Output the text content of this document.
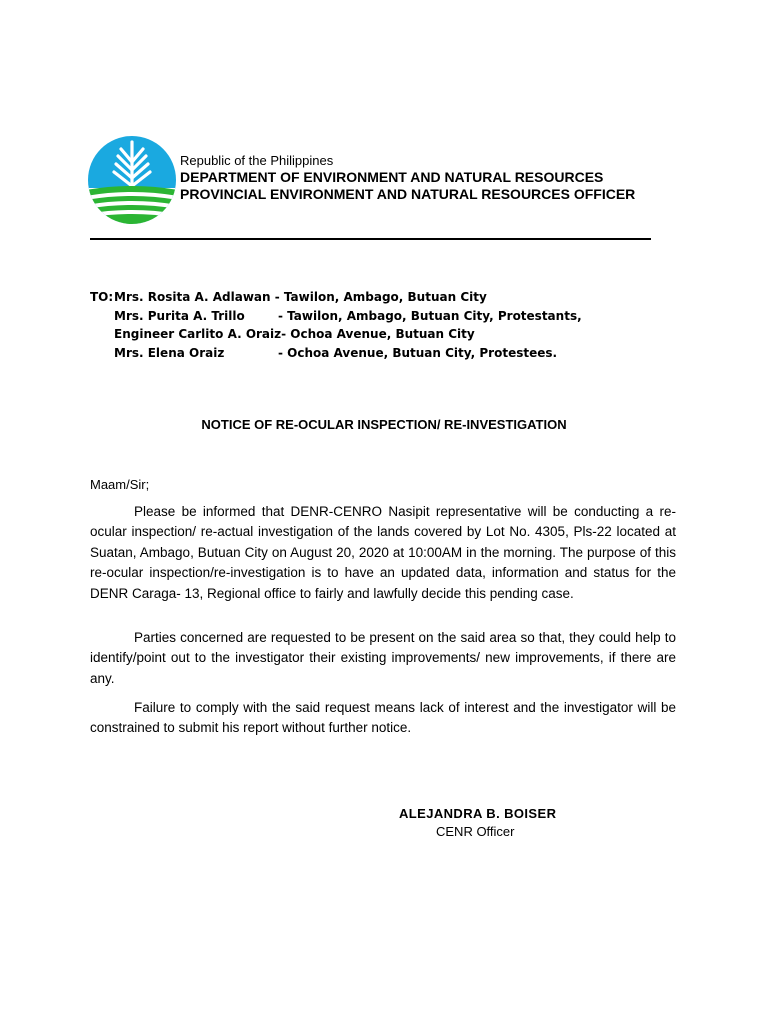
Republic of the Philippines
DEPARTMENT OF ENVIRONMENT AND NATURAL RESOURCES
PROVINCIAL ENVIRONMENT AND NATURAL RESOURCES OFFICER
TO: Mrs. Rosita A. Adlawan
- Tawilon, Ambago, Butuan City
Mrs. Purita A. Trillo	- Tawilon, Ambago, Butuan City, Protestants,
Engineer Carlito A. Oraiz - Ochoa Avenue, Butuan City
Mrs. Elena Oraiz	- Ochoa Avenue, Butuan City, Protestees.
NOTICE OF RE-OCULAR INSPECTION/ RE-INVESTIGATION
Maam/Sir;

Please be informed that DENR-CENRO Nasipit representative will be conducting a re- ocular inspection/ re-actual investigation of the lands covered by Lot No. 4305, Pls-22 located at Suatan, Ambago, Butuan City on August 20, 2020 at 10:00AM in the morning. The purpose of this re-ocular inspection/re-investigation is to have an updated data, information and status for the DENR Caraga- 13, Regional office to fairly and lawfully decide this pending case.

Parties concerned are requested to be present on the said area so that, they could help to identify/point out to the investigator their existing improvements/ new improvements, if there are any.

Failure to comply with the said request means lack of interest and the investigator will be constrained to submit his report without further notice.

ALEJANDRA B. BOISER
CENR Officer
